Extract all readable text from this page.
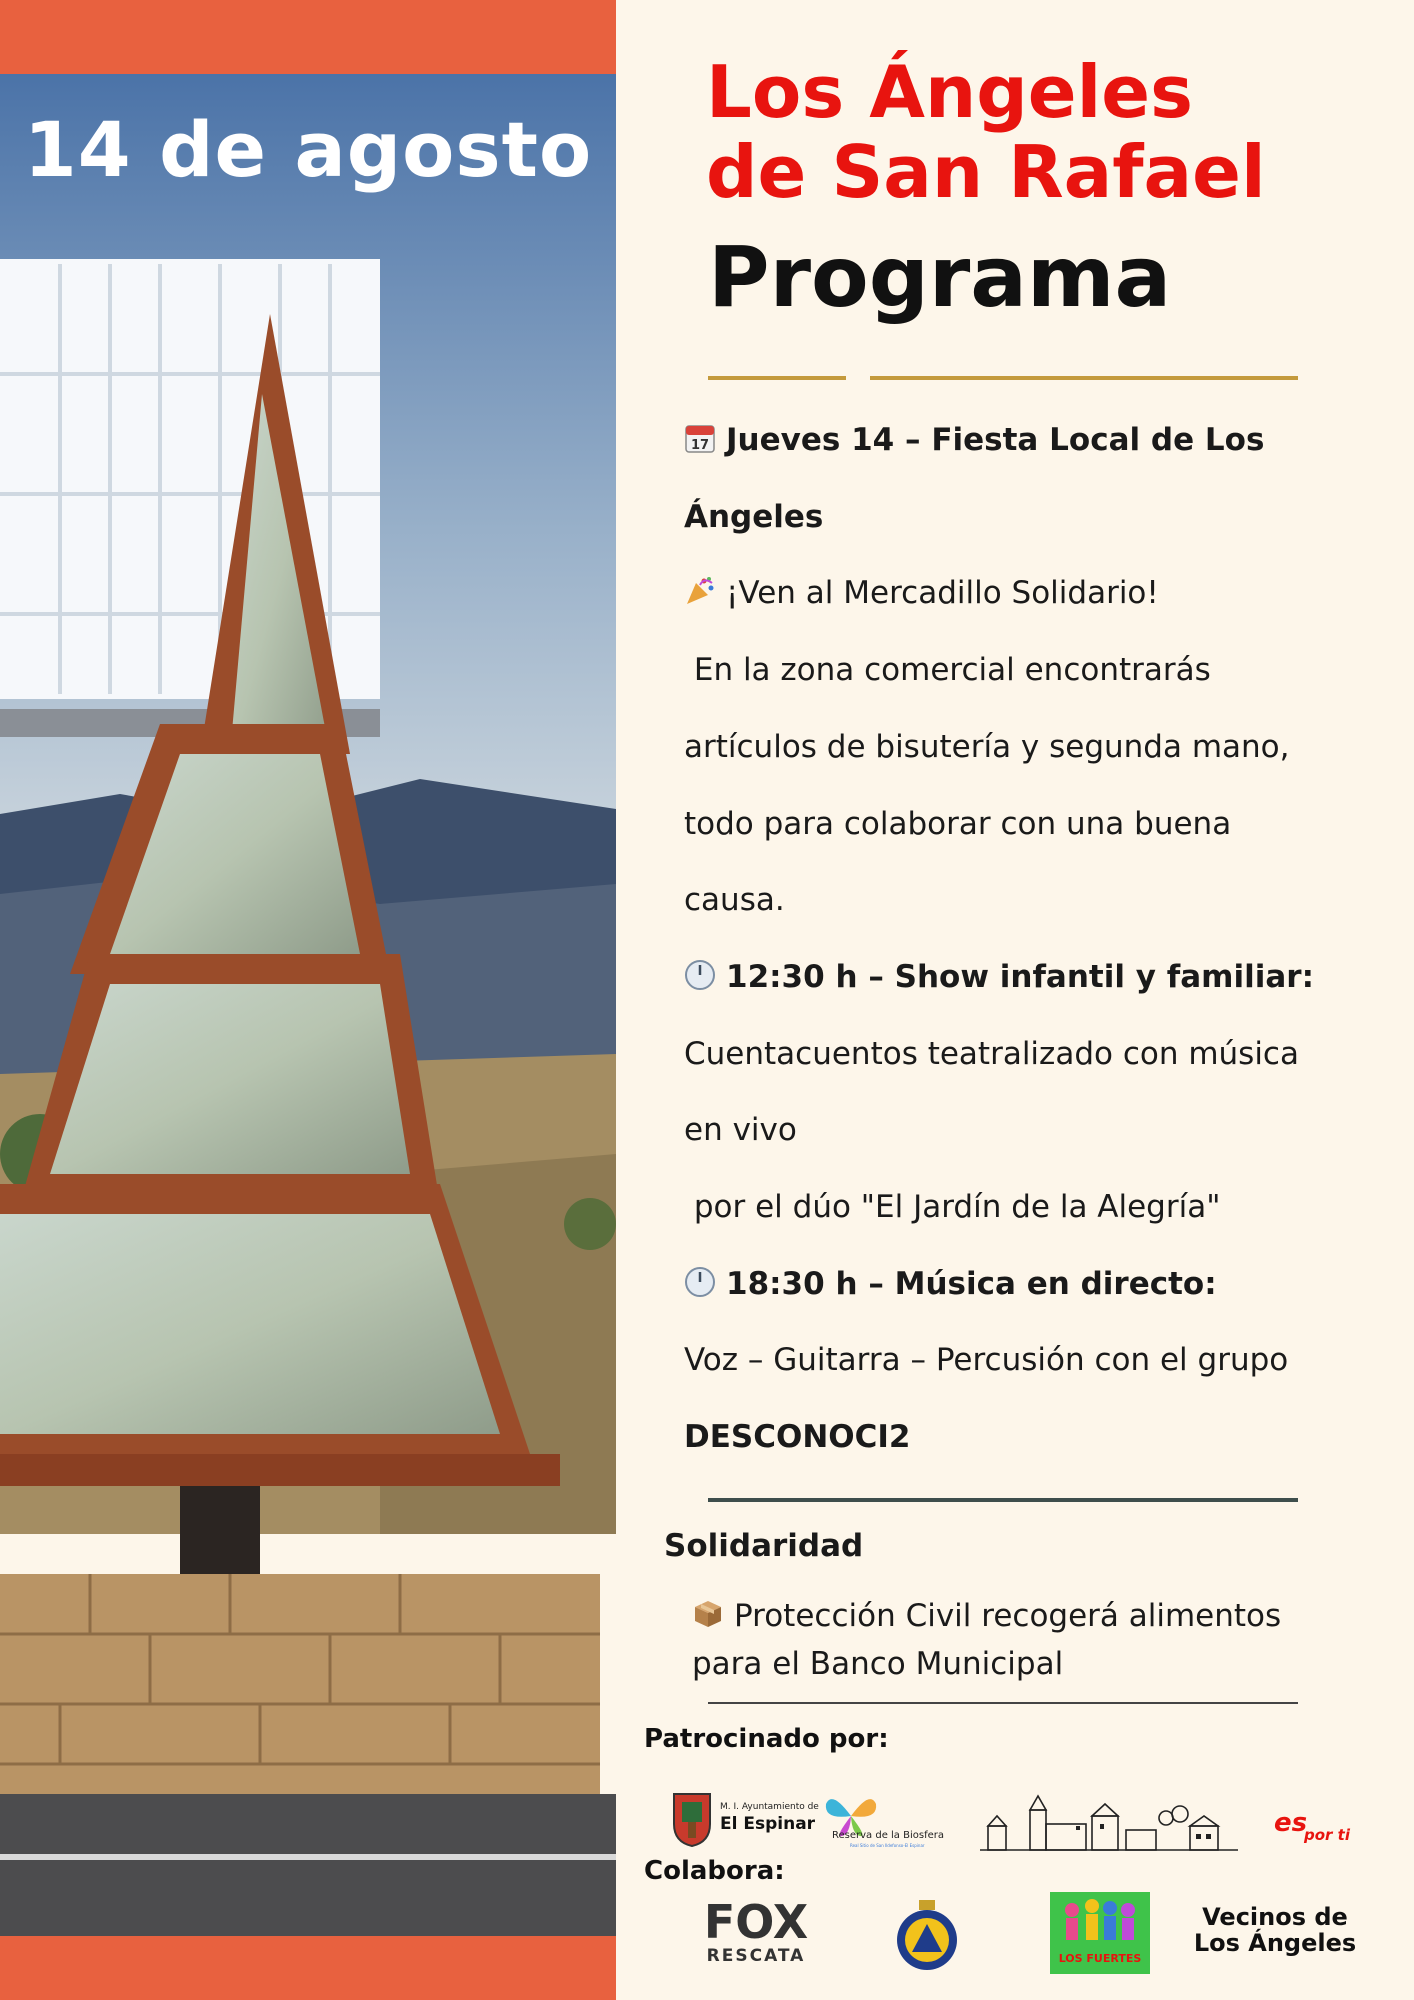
14 de agosto
Los Ángeles
de San Rafael
Programa
17 Jueves 14 – Fiesta Local de Los
Ángeles
¡Ven al Mercadillo Solidario!
En la zona comercial encontrarás
artículos de bisutería y segunda mano,
todo para colaborar con una buena
causa.
12:30 h – Show infantil y familiar:
Cuentacuentos teatralizado con música
en vivo
por el dúo "El Jardín de la Alegría"
18:30 h – Música en directo:
Voz – Guitarra – Percusión con el grupo
DESCONOCI2
Solidaridad
Protección Civil recogerá alimentos
para el Banco Municipal
Patrocinado por:
M. I. Ayuntamiento de
El Espinar
Reserva de la Biosfera
Real Sitio de San Ildefonso-El Espinar
es
por ti
Colabora:
FOX
RESCATA	LOS FUERTES
Vecinos de
Los Ángeles
